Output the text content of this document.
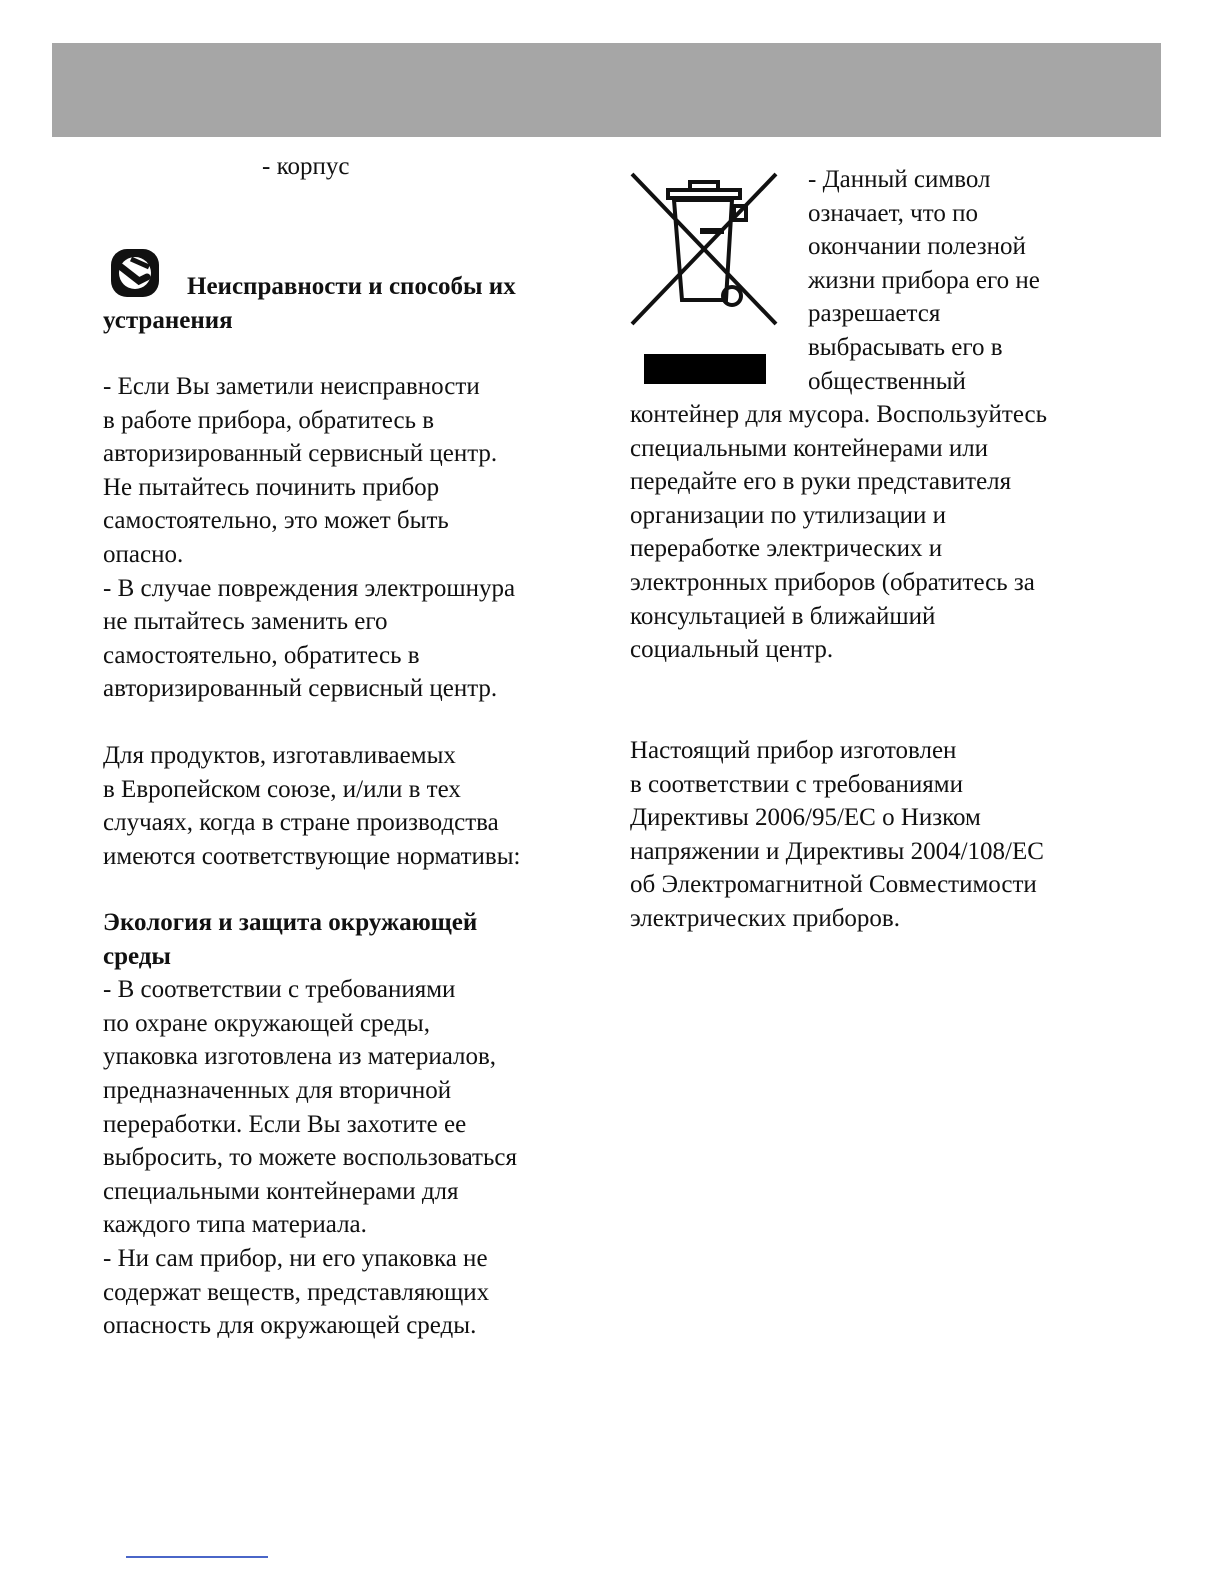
- корпус

Неисправности и способы их
устранения

- Если Вы заметили неисправности
в работе прибора, обратитесь в
авторизированный сервисный центр.
Не пытайтесь починить прибор
самостоятельно, это может быть
опасно.
- В случае повреждения электрошнура
не пытайтесь заменить его
самостоятельно, обратитесь в
авторизированный сервисный центр.

Для продуктов, изготавливаемых
в Европейском союзе, и/или в тех
случаях, когда в стране производства
имеются соответствующие нормативы:

Экология и защита окружающей
среды

- В соответствии с требованиями
по охране окружающей среды,
упаковка изготовлена из материалов,
предназначенных для вторичной
переработки. Если Вы захотите ее
выбросить, то можете воспользоваться
специальными контейнерами для
каждого типа материала.
- Ни сам прибор, ни его упаковка не
содержат веществ, представляющих
опасность для окружающей среды.

- Данный символ
означает, что по
окончании полезной
жизни прибора его не
разрешается
выбрасывать его в
общественный

контейнер для мусора. Воспользуйтесь
специальными контейнерами или
передайте его в руки представителя
организации по утилизации и
переработке электрических и
электронных приборов (обратитесь за
консультацией в ближайший
социальный центр.

Настоящий прибор изготовлен
в соответствии с требованиями
Директивы 2006/95/ЕС о Низком
напряжении и Директивы 2004/108/ЕС
об Электромагнитной Совместимости
электрических приборов.
